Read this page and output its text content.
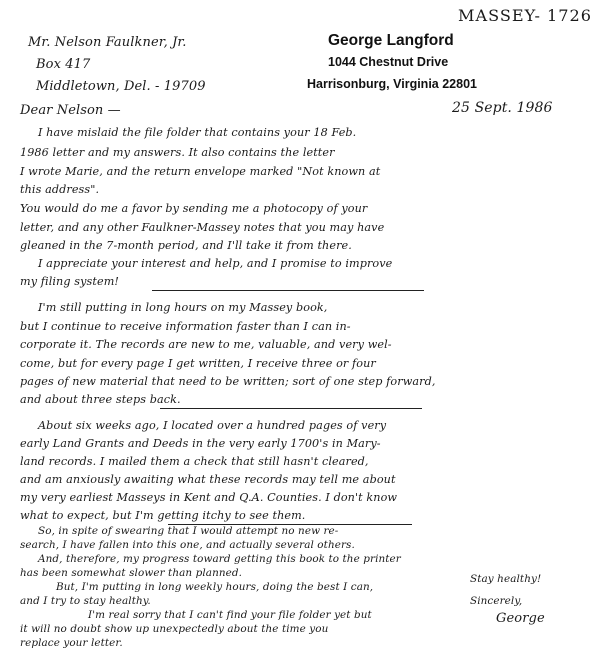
MASSEY- 1726
George Langford
1044 Chestnut Drive
Harrisonburg, Virginia 22801
Mr. Nelson Faulkner, Jr.
Box 417
Middletown, Del. - 19709
Dear Nelson —	25 Sept. 1986
I have mislaid the file folder that contains your 18 Feb.
1986 letter and my answers. It also contains the letter
I wrote Marie, and the return envelope marked "Not known at
this address".
You would do me a favor by sending me a photocopy of your
letter, and any other Faulkner-Massey notes that you may have
gleaned in the 7-month period, and I'll take it from there.
I appreciate your interest and help, and I promise to improve
my filing system!
I'm still putting in long hours on my Massey book,
but I continue to receive information faster than I can in-
corporate it. The records are new to me, valuable, and very wel-
come, but for every page I get written, I receive three or four
pages of new material that need to be written; sort of one step forward,
and about three steps back.
About six weeks ago, I located over a hundred pages of very
early Land Grants and Deeds in the very early 1700's in Mary-
land records. I mailed them a check that still hasn't cleared,
and am anxiously awaiting what these records may tell me about
my very earliest Masseys in Kent and Q.A. Counties. I don't know
what to expect, but I'm getting itchy to see them.
So, in spite of swearing that I would attempt no new re-
search, I have fallen into this one, and actually several others.
And, therefore, my progress toward getting this book to the printer
has been somewhat slower than planned.
But, I'm putting in long weekly hours, doing the best I can,
and I try to stay healthy.
I'm real sorry that I can't find your file folder yet but
it will no doubt show up unexpectedly about the time you
replace your letter.
Stay healthy!
Sincerely,
George
